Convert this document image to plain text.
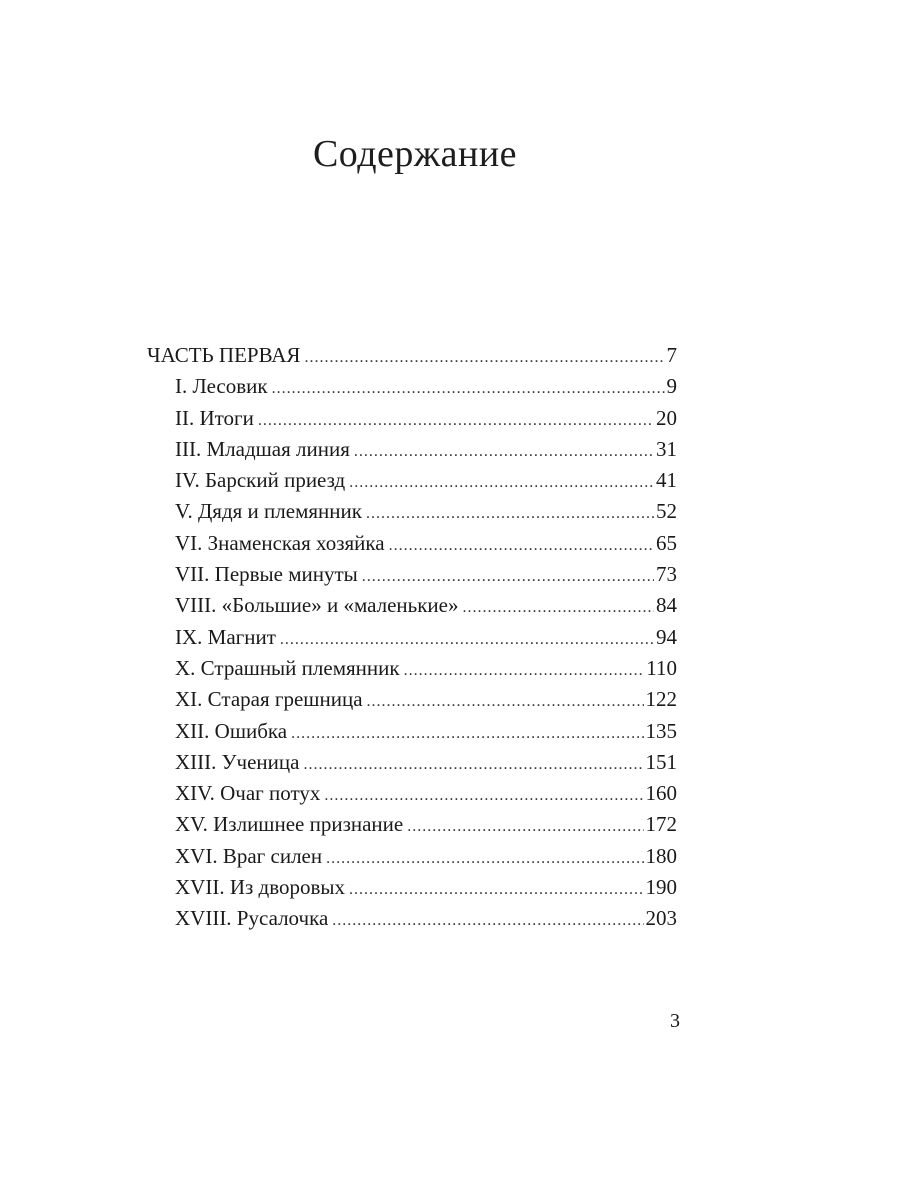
Содержание
ЧАСТЬ ПЕРВАЯ .....	7
I. Лесовик .....	9
II. Итоги .....	20
III. Младшая линия .....	31
IV. Барский приезд .....	41
V. Дядя и племянник .....	52
VI. Знаменская хозяйка .....	65
VII. Первые минуты .....	73
VIII. «Большие» и «маленькие» .....	84
IX. Магнит .....	94
X. Страшный племянник .....	110
XI. Старая грешница .....	122
XII. Ошибка .....	135
XIII. Ученица .....	151
XIV. Очаг потух .....	160
XV. Излишнее признание .....	172
XVI. Враг силен .....	180
XVII. Из дворовых .....	190
XVIII. Русалочка .....	203
3
